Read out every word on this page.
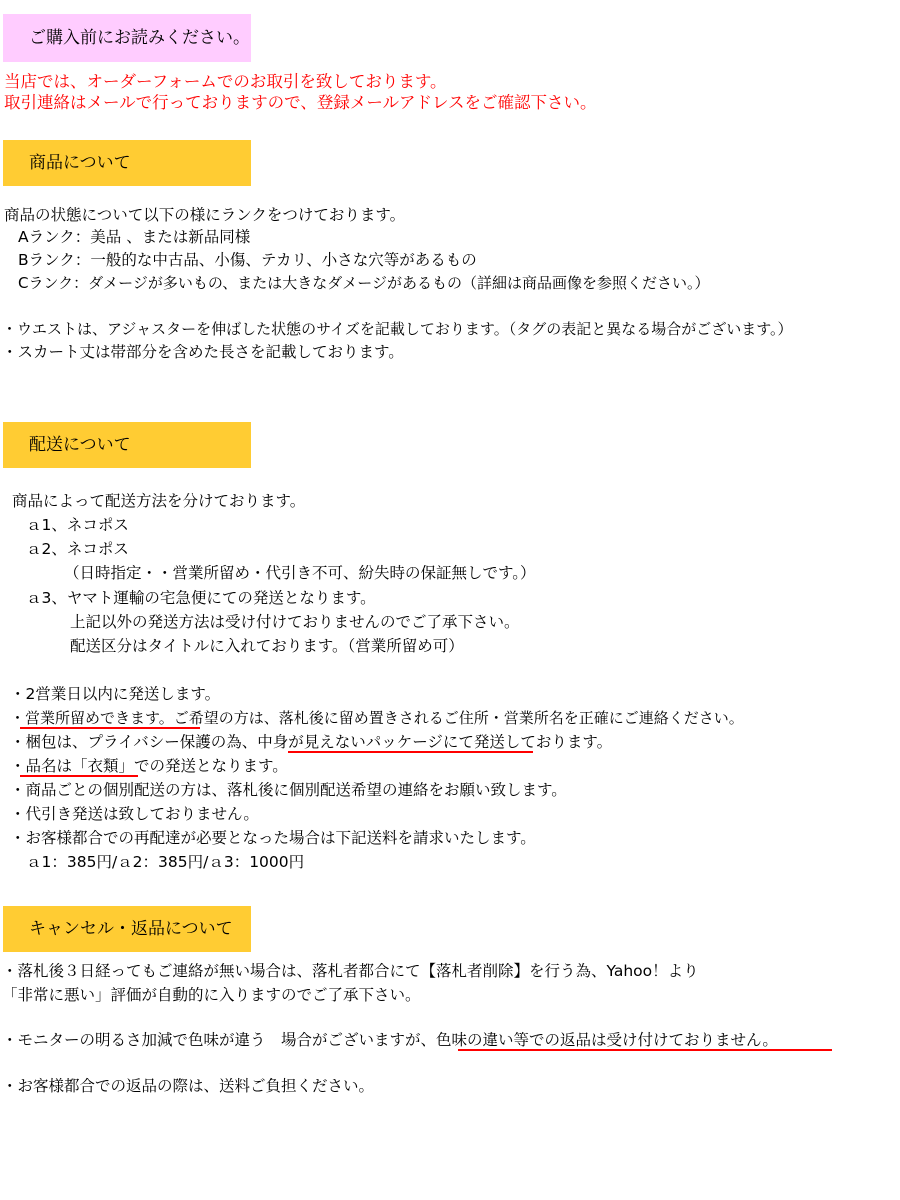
ご購入前にお読みください。
当店では、オーダーフォームでのお取引を致しております。
取引連絡はメールで行っておりますので、登録メールアドレスをご確認下さい。
商品について
商品の状態について以下の様にランクをつけております。
Aランク：美品 、または新品同様
Bランク：一般的な中古品、小傷、テカリ、小さな穴等があるもの
Cランク：ダメージが多いもの、または大きなダメージがあるもの（詳細は商品画像を参照ください。）
・ウエストは、アジャスターを伸ばした状態のサイズを記載しております。（タグの表記と異なる場合がございます。）
・スカート丈は帯部分を含めた長さを記載しております。
配送について
商品によって配送方法を分けております。
ａ1、ネコポス
ａ2、ネコポス
（日時指定・・営業所留め・代引き不可、紛失時の保証無しです。）
ａ3、ヤマト運輸の宅急便にての発送となります。
上記以外の発送方法は受け付けておりませんのでご了承下さい。
配送区分はタイトルに入れております。（営業所留め可）
・2営業日以内に発送します。
・営業所留めできます。ご希望の方は、落札後に留め置きされるご住所・営業所名を正確にご連絡ください。
・梱包は、プライバシー保護の為、中身が見えないパッケージにて発送しております。
・品名は「衣類」での発送となります。
・商品ごとの個別配送の方は、落札後に個別配送希望の連絡をお願い致します。
・代引き発送は致しておりません。
・お客様都合での再配達が必要となった場合は下記送料を請求いたします。
ａ1：385円/ａ2：385円/ａ3：1000円
キャンセル・返品について
・落札後３日経ってもご連絡が無い場合は、落札者都合にて【落札者削除】を行う為、Yahoo！より
「非常に悪い」評価が自動的に入りますのでご了承下さい。
・モニターの明るさ加減で色味が違う　場合がございますが、色味の違い等での返品は受け付けておりません。
・お客様都合での返品の際は、送料ご負担ください。
